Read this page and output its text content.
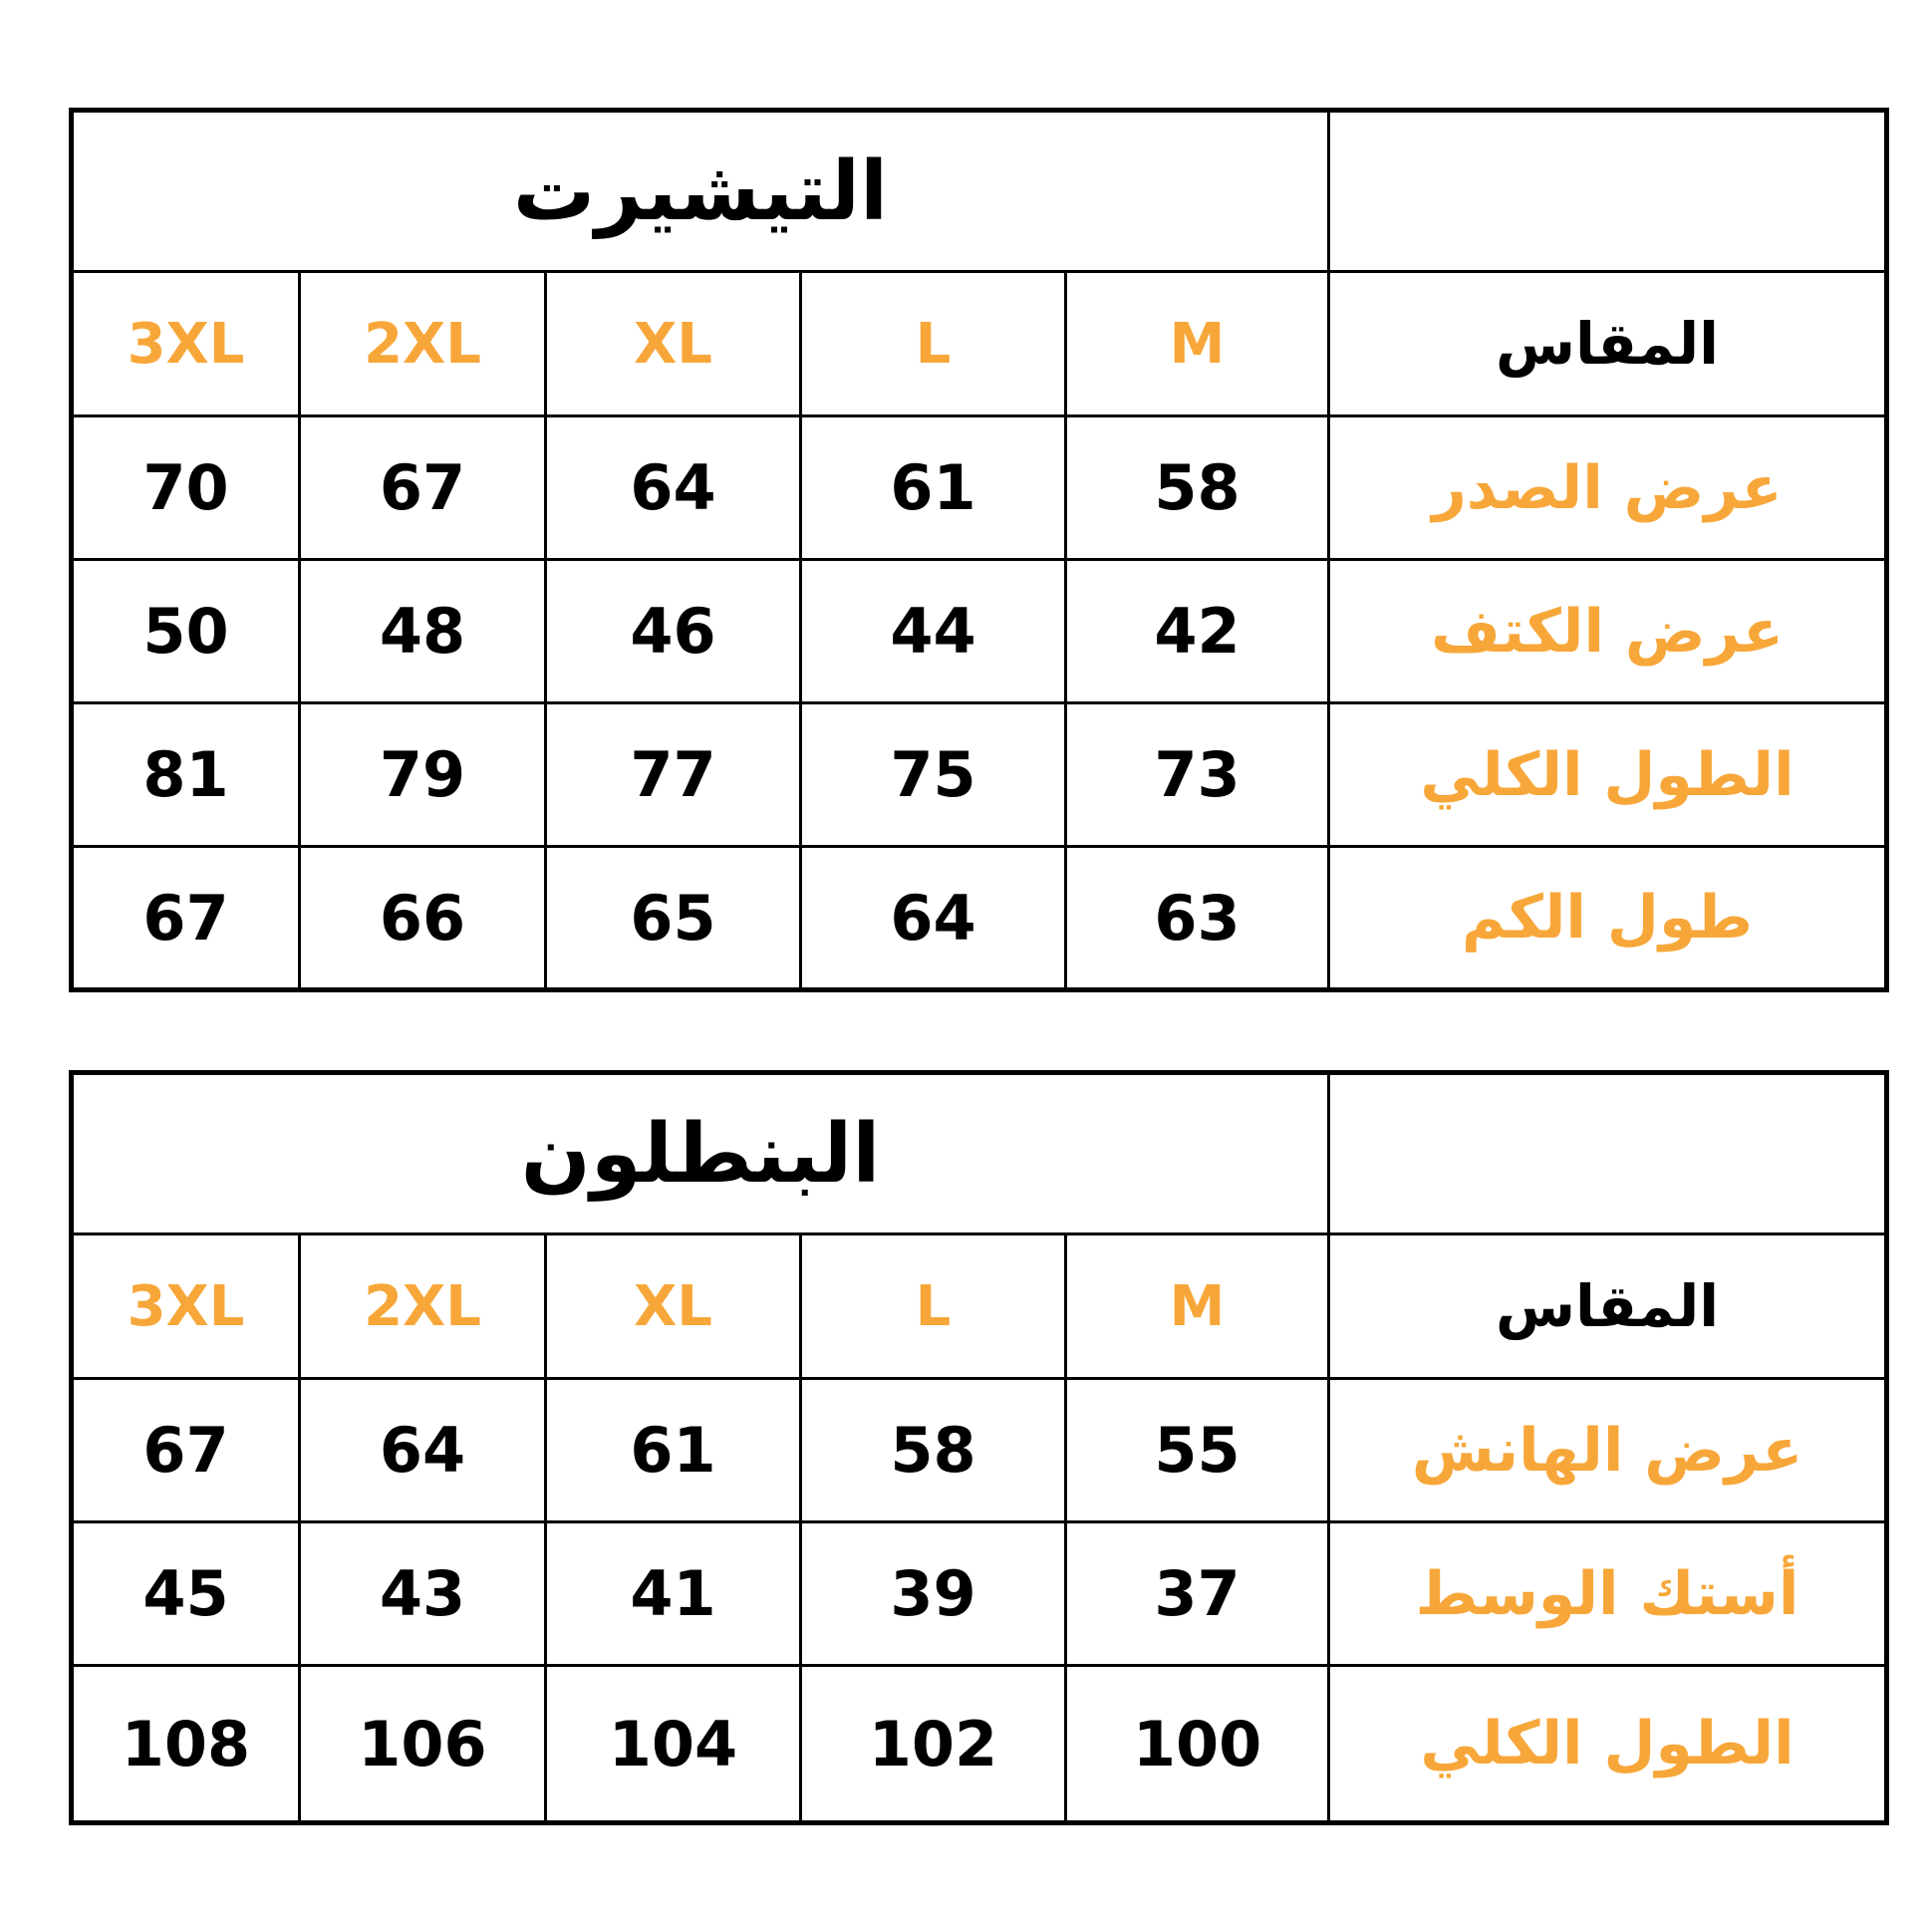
التيشيرت					
3XL	2XL	XL	L	M	المقاس
70	67	64	61	58	عرض الصدر
50	48	46	44	42	عرض الكتف
81	79	77	75	73	الطول الكلي
67	66	65	64	63	طول الكم
البنطلون					
3XL	2XL	XL	L	M	المقاس
67	64	61	58	55	عرض الهانش
45	43	41	39	37	أستك الوسط
108	106	104	102	100	الطول الكلي
